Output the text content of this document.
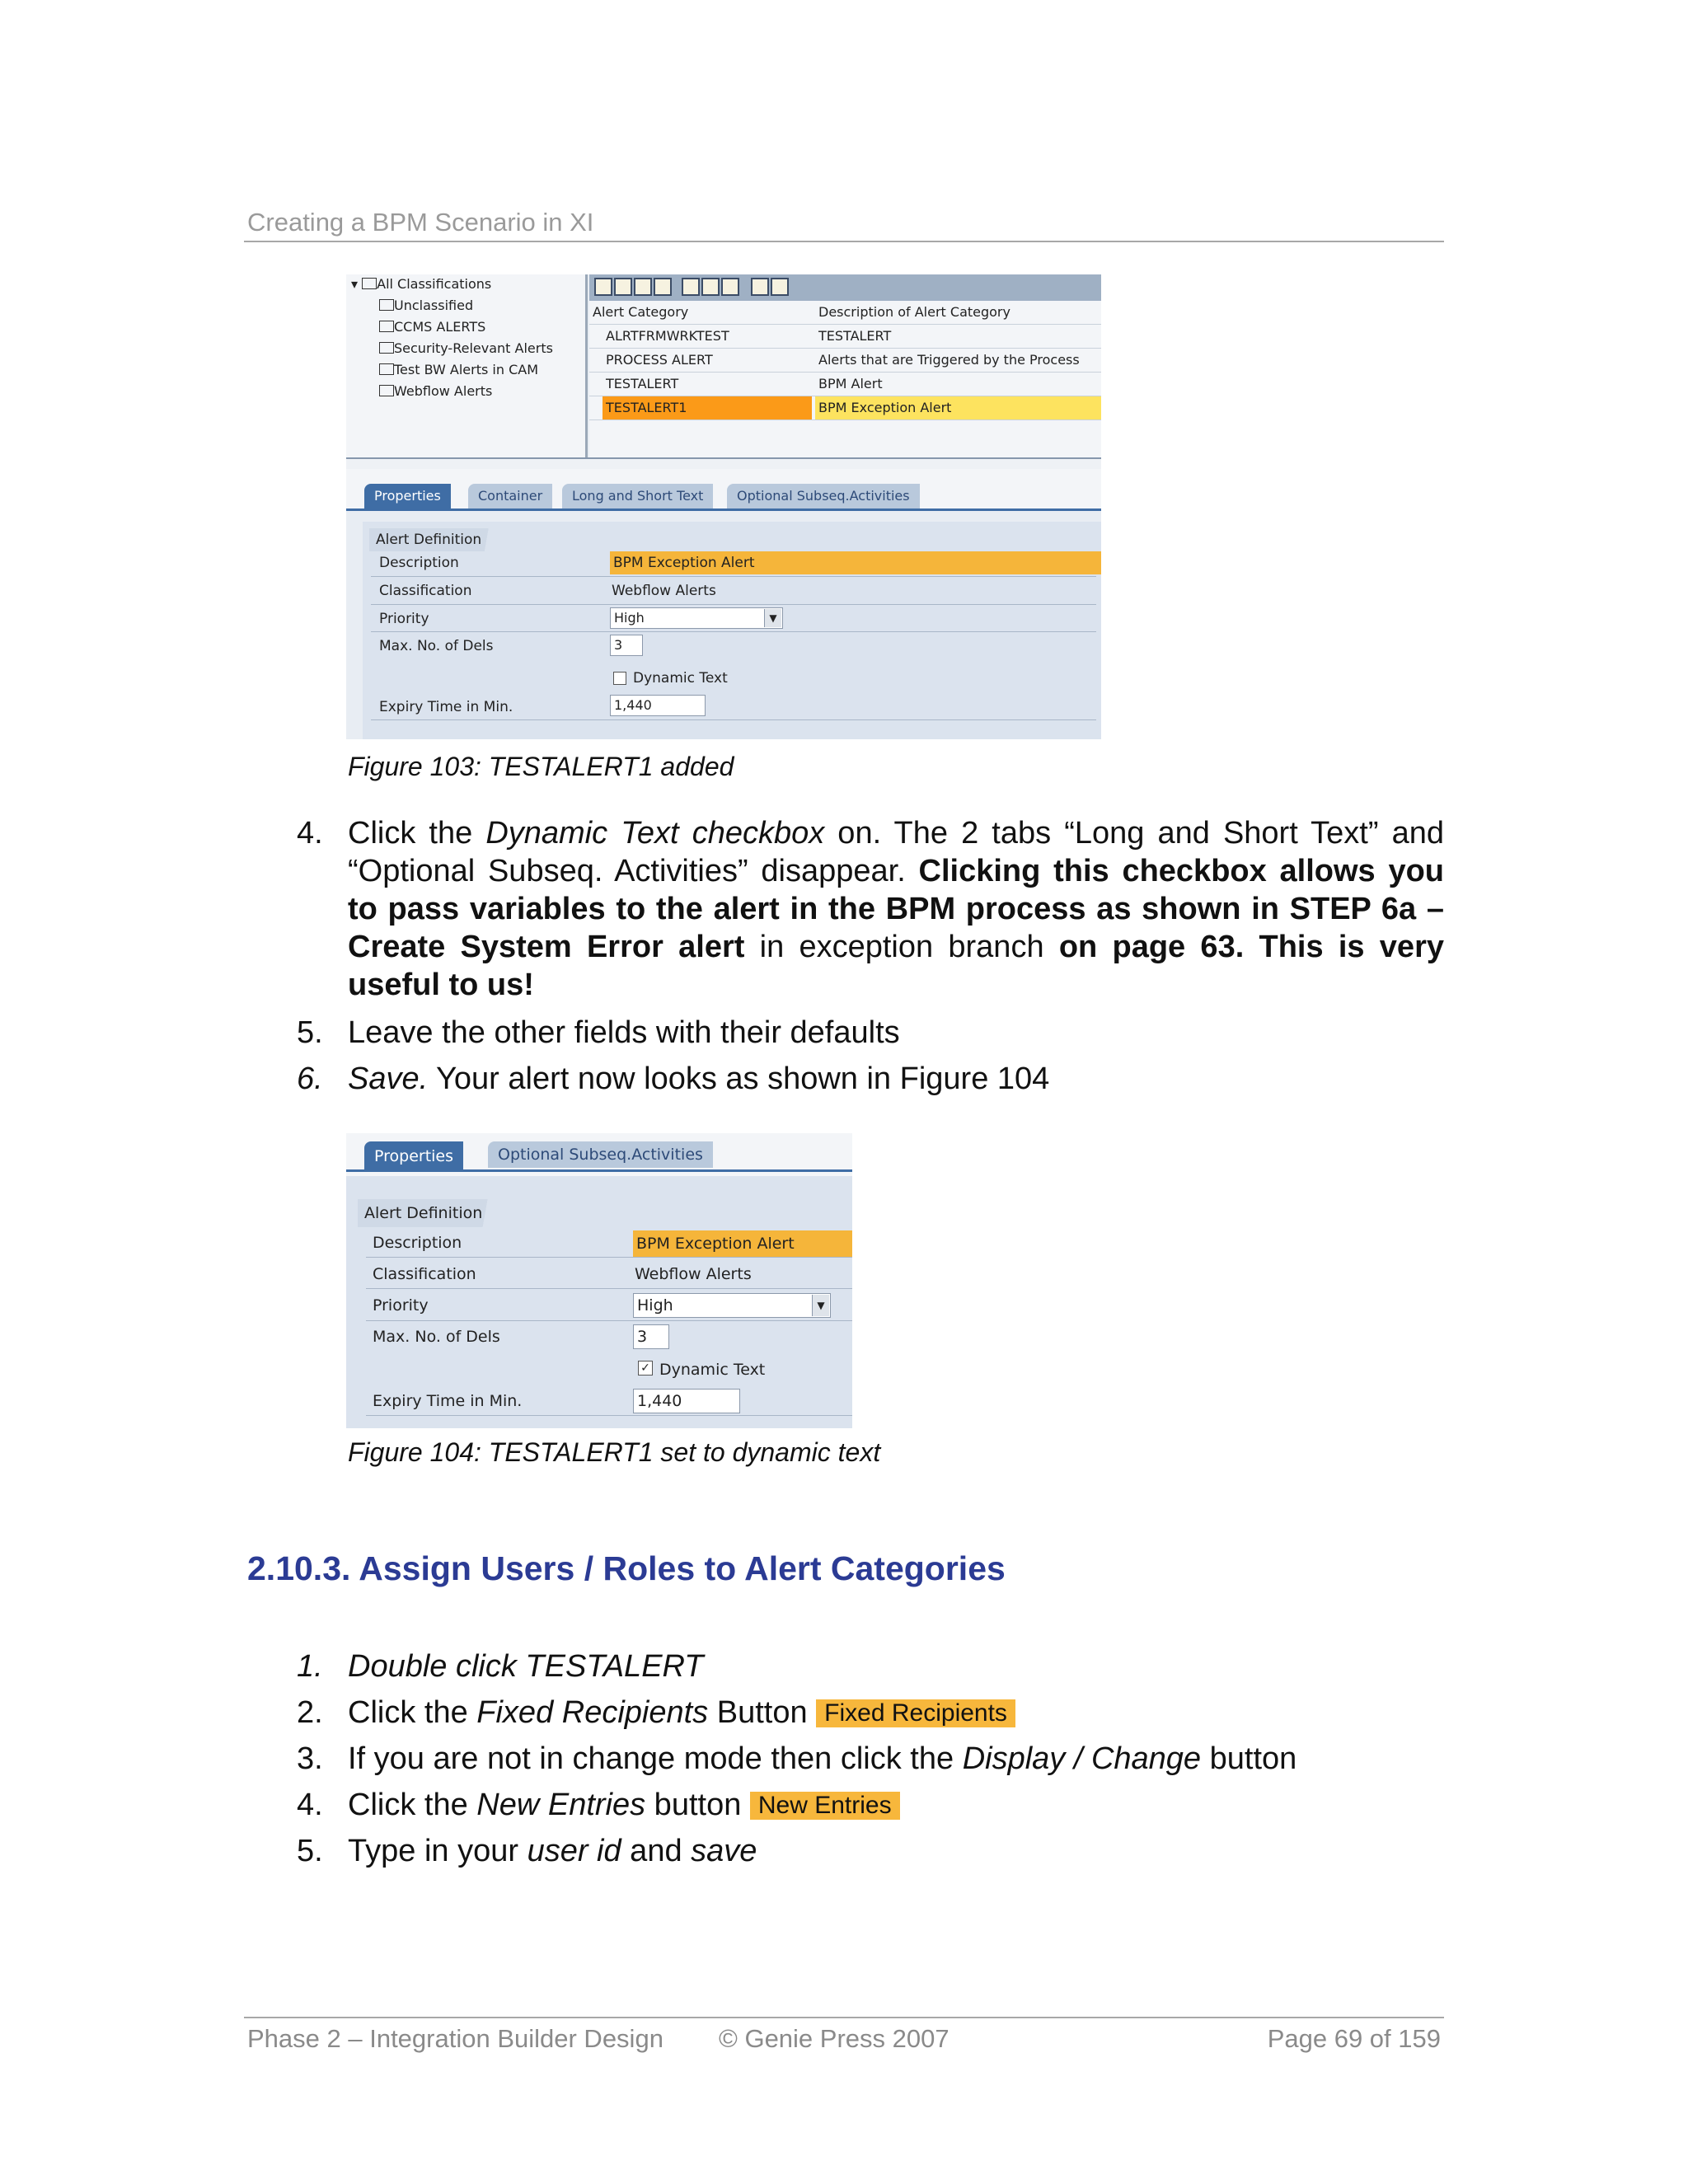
Creating a BPM Scenario in XI
▾ All Classifications
Unclassified
CCMS ALERTS
Security-Relevant Alerts
Test BW Alerts in CAM
Webflow Alerts
Alert Category	Description of Alert Category
ALRTFRMWRKTEST	TESTALERT
PROCESS ALERT	Alerts that are Triggered by the Process
TESTALERT	BPM Alert
TESTALERT1	BPM Exception Alert
Properties	Container	Long and Short Text	Optional Subseq.Activities
Alert Definition
Description	BPM Exception Alert
Classification	Webflow Alerts
Priority	High	▼
Max. No. of Dels	3
Dynamic Text
Expiry Time in Min.	1,440
Figure 103: TESTALERT1 added
4. Click the Dynamic Text checkbox on. The 2 tabs “Long and Short Text” and “Optional Subseq. Activities” disappear. Clicking this checkbox allows you to pass variables to the alert in the BPM process as shown in STEP 6a – Create System Error alert in exception branch on page 63. This is very useful to us!
5. Leave the other fields with their defaults
6. Save. Your alert now looks as shown in Figure 104
Properties	Optional Subseq.Activities
Alert Definition
Description	BPM Exception Alert
Classification	Webflow Alerts
Priority	High	▼
Max. No. of Dels	3
✓ Dynamic Text
Expiry Time in Min.	1,440
Figure 104: TESTALERT1 set to dynamic text
2.10.3. Assign Users / Roles to Alert Categories
1. Double click TESTALERT
2. Click the Fixed Recipients Button Fixed Recipients
3. If you are not in change mode then click the Display / Change button
4. Click the New Entries button New Entries
5. Type in your user id and save
Phase 2 – Integration Builder Design © Genie Press 2007	Page 69 of 159
